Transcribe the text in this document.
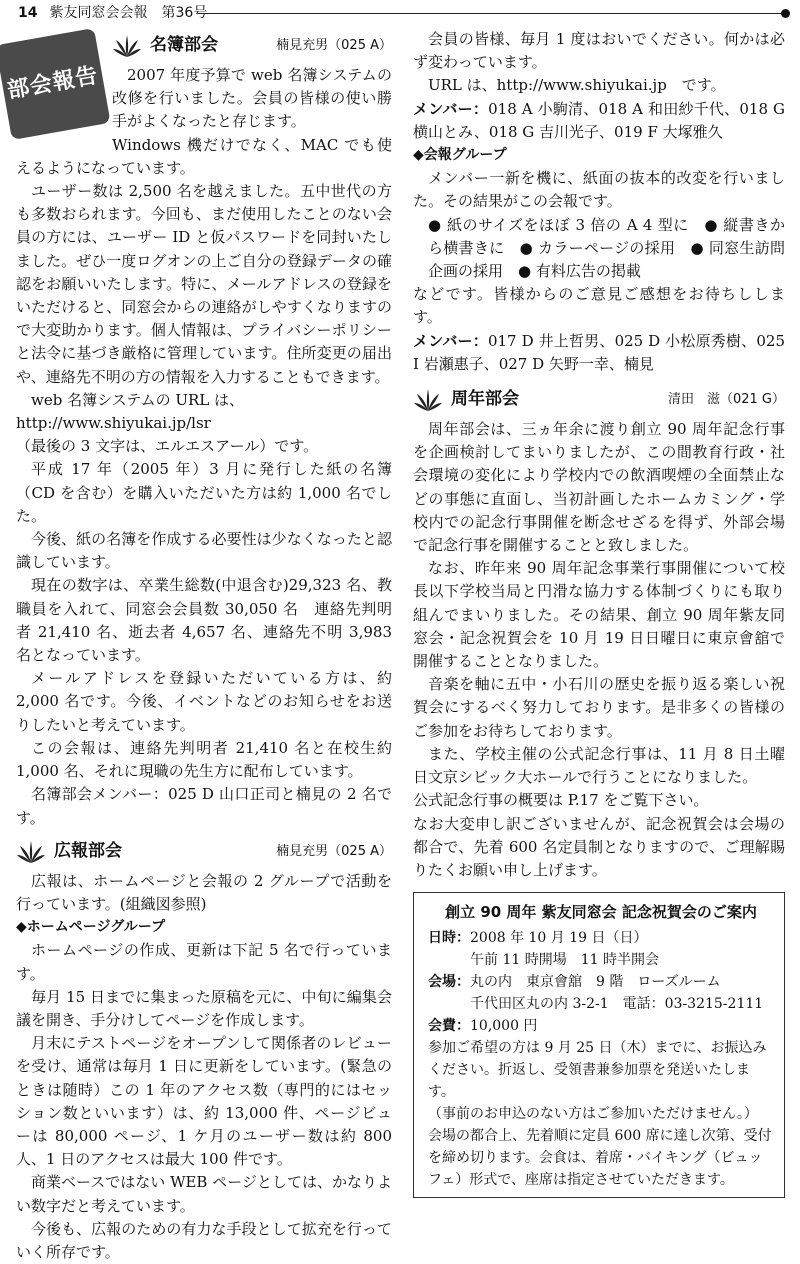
14 紫友同窓会会報　第36号
部会報告
名簿部会	楠見充男（025 A）

2007 年度予算で web 名簿システムの改修を行いました。会員の皆様の使い勝手がよくなったと存じます。

Windows 機だけでなく、MAC でも使えるようになっています。

ユーザー数は 2,500 名を越えました。五中世代の方も多数おられます。今回も、まだ使用したことのない会員の方には、ユーザー ID と仮パスワードを同封いたしました。ぜひ一度ログオンの上ご自分の登録データの確認をお願いいたします。特に、メールアドレスの登録をいただけると、同窓会からの連絡がしやすくなりますので大変助かります。個人情報は、プライバシーポリシーと法令に基づき厳格に管理しています。住所変更の届出や、連絡先不明の方の情報を入力することもできます。

web 名簿システムの URL は、

http://www.shiyukai.jp/lsr

（最後の 3 文字は、エルエスアール）です。

平成 17 年（2005 年）3 月に発行した紙の名簿（CD を含む）を購入いただいた方は約 1,000 名でした。

今後、紙の名簿を作成する必要性は少なくなったと認識しています。

現在の数字は、卒業生総数(中退含む)29,323 名、教職員を入れて、同窓会会員数 30,050 名　連絡先判明者 21,410 名、逝去者 4,657 名、連絡先不明 3,983 名となっています。

メールアドレスを登録いただいている方は、約 2,000 名です。今後、イベントなどのお知らせをお送りしたいと考えています。

この会報は、連絡先判明者 21,410 名と在校生約 1,000 名、それに現職の先生方に配布しています。

名簿部会メンバー：025 D 山口正司と楠見の 2 名です。

広報部会	楠見充男（025 A）

広報は、ホームページと会報の 2 グループで活動を行っています。(組織図参照)

◆ホームページグループ

ホームページの作成、更新は下記 5 名で行っています。

毎月 15 日までに集まった原稿を元に、中旬に編集会議を開き、手分けしてページを作成します。

月末にテストページをオープンして関係者のレビューを受け、通常は毎月 1 日に更新をしています。(緊急のときは随時）この 1 年のアクセス数（専門的にはセッション数といいます）は、約 13,000 件、ページビューは 80,000 ページ、1 ケ月のユーザー数は約 800 人、1 日のアクセスは最大 100 件です。

商業ベースではない WEB ページとしては、かなりよい数字だと考えています。

今後も、広報のための有力な手段として拡充を行っていく所存です。

会員の皆様、毎月 1 度はおいでください。何かは必ず変わっています。

URL は、http://www.shiyukai.jp　です。

メンバー：018 A 小駒清、018 A 和田紗千代、018 G 横山とみ、018 G 吉川光子、019 F 大塚雅久

◆会報グループ

メンバー一新を機に、紙面の抜本的改変を行いました。その結果がこの会報です。

● 紙のサイズをほぼ 3 倍の A 4 型に　● 縦書きから横書きに　● カラーページの採用　● 同窓生訪問企画の採用　● 有料広告の掲載

などです。皆様からのご意見ご感想をお待ちしします。

メンバー：017 D 井上哲男、025 D 小松原秀樹、025 I 岩瀬惠子、027 D 矢野一幸、楠見

周年部会	清田　滋（021 G）

周年部会は、三ヵ年余に渡り創立 90 周年記念行事を企画検討してまいりましたが、この間教育行政・社会環境の変化により学校内での飲酒喫煙の全面禁止などの事態に直面し、当初計画したホームカミング・学校内での記念行事開催を断念せざるを得ず、外部会場で記念行事を開催することと致しました。

なお、昨年来 90 周年記念事業行事開催について校長以下学校当局と円滑な協力する体制づくりにも取り組んでまいりました。その結果、創立 90 周年紫友同窓会・記念祝賀会を 10 月 19 日日曜日に東京會舘で開催することとなりました。

音楽を軸に五中・小石川の歴史を振り返る楽しい祝賀会にするべく努力しております。是非多くの皆様のご参加をお待ちしております。

また、学校主催の公式記念行事は、11 月 8 日土曜日文京シビック大ホールで行うことになりました。

公式記念行事の概要は P.17 をご覧下さい。

なお大変申し訳ございませんが、記念祝賀会は会場の都合で、先着 600 名定員制となりますので、ご理解賜りたくお願い申し上げます。

創立 90 周年 紫友同窓会 記念祝賀会のご案内
日時：2008 年 10 月 19 日（日）
午前 11 時開場　11 時半開会
会場：丸の内　東京會舘　9 階　ローズルーム
千代田区丸の内 3-2-1　電話：03-3215-2111
会費：10,000 円
参加ご希望の方は 9 月 25 日（木）までに、お振込みください。折返し、受領書兼参加票を発送いたします。
（事前のお申込のない方はご参加いただけません。）
会場の都合上、先着順に定員 600 席に達し次第、受付を締め切ります。会食は、着席・バイキング（ビュッフェ）形式で、座席は指定させていただきます。
